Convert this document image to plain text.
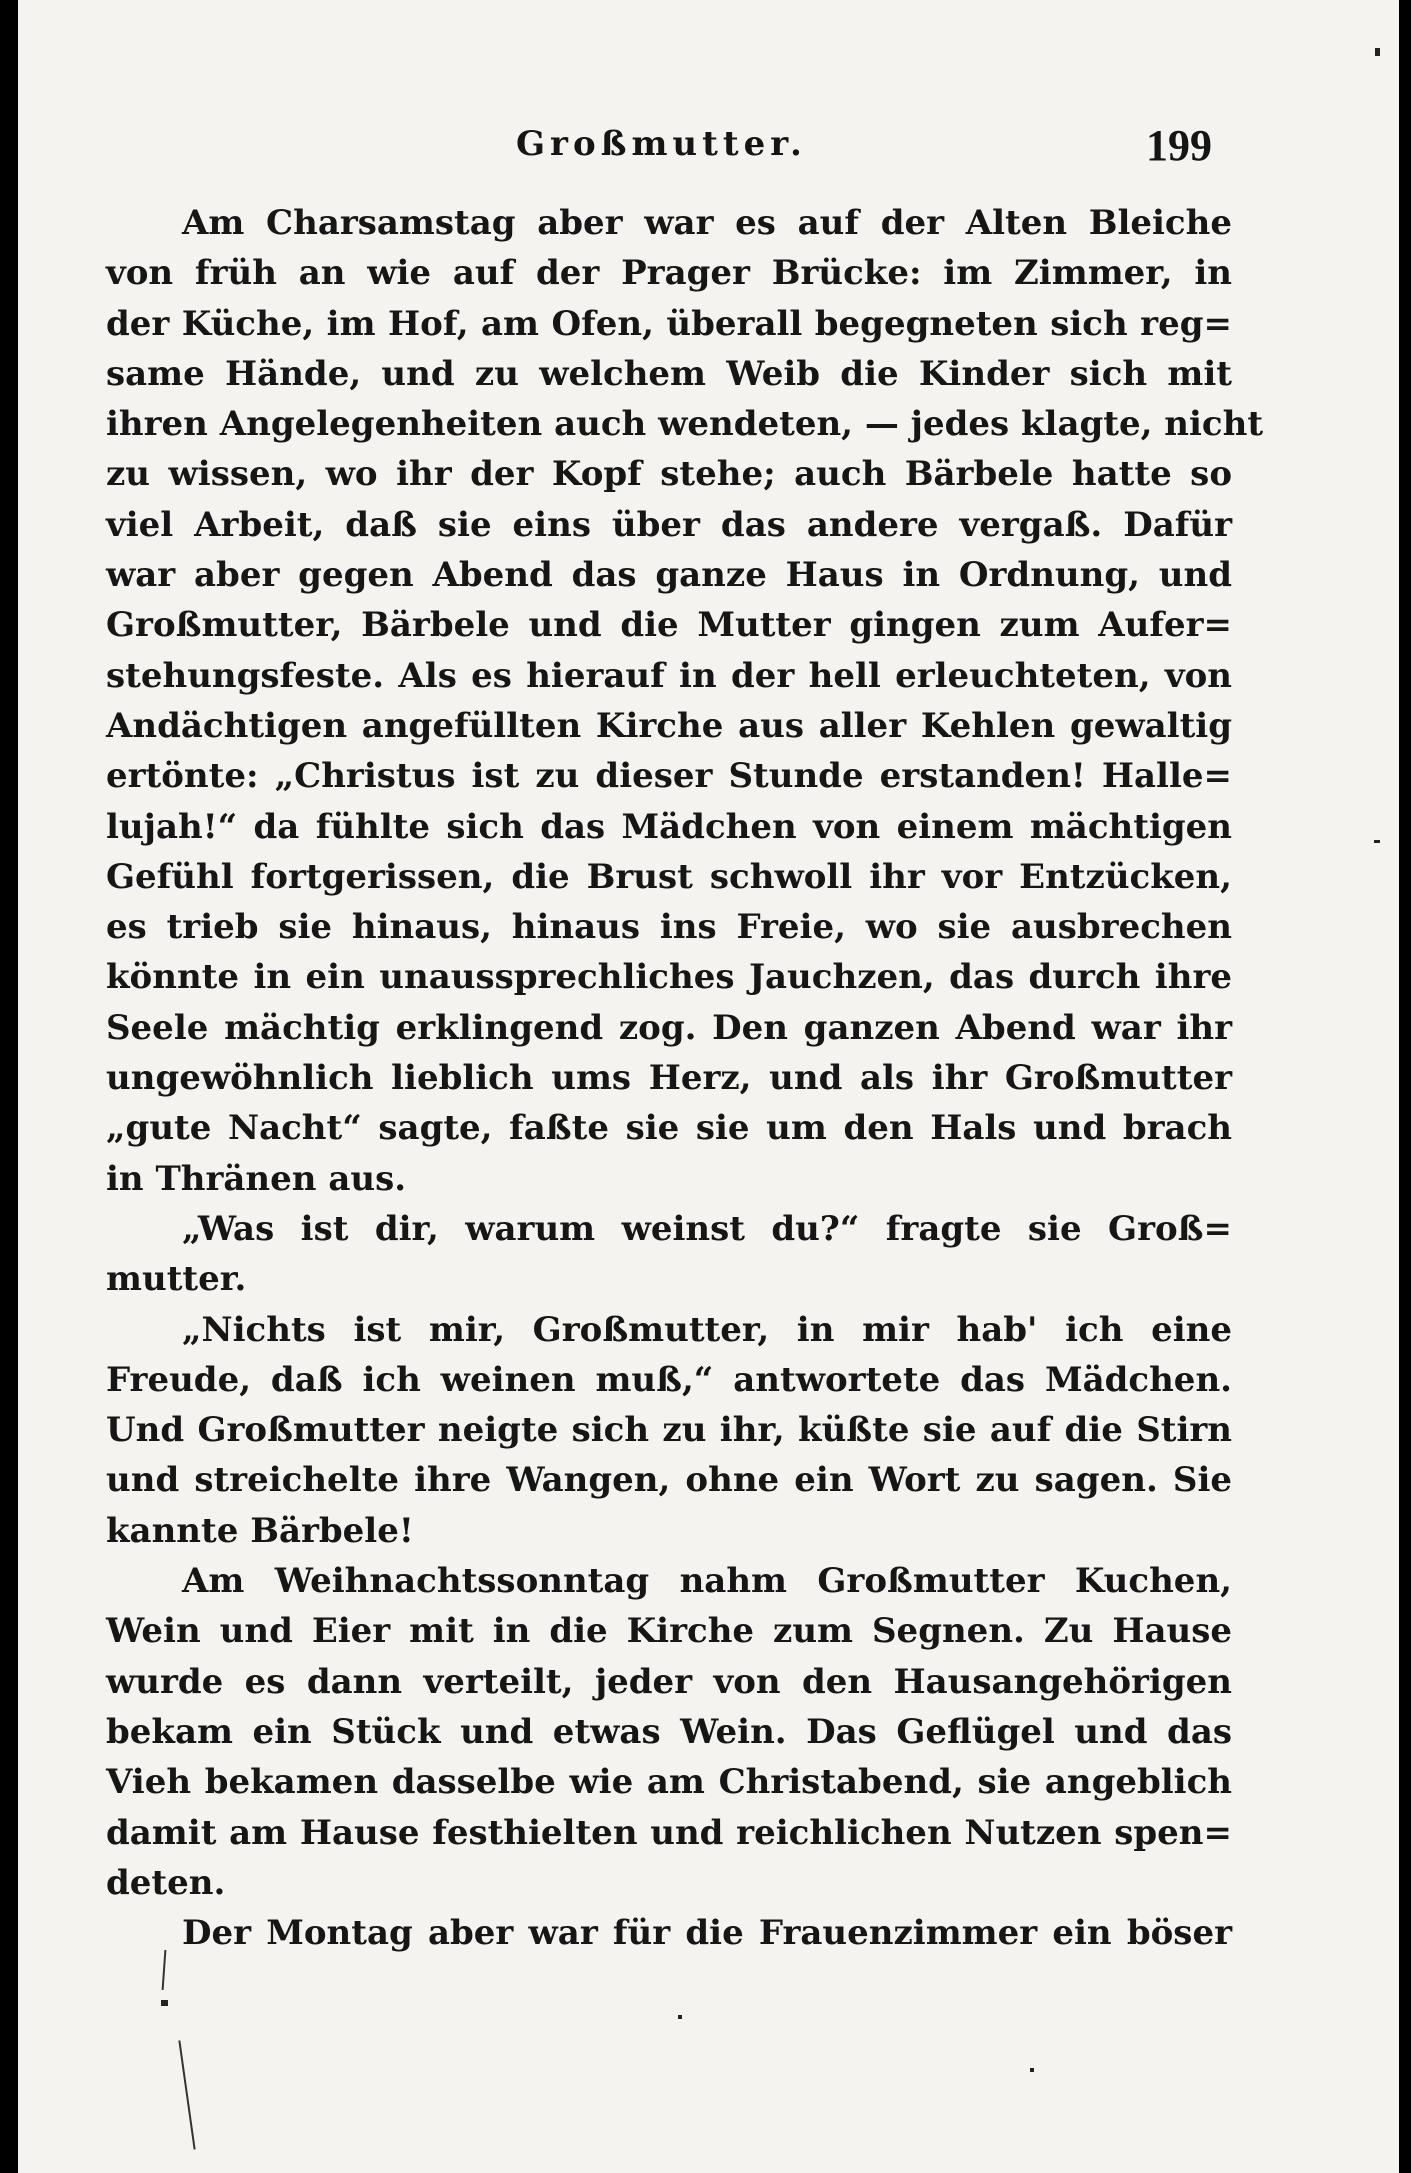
Großmutter.	199
Am Charsamstag aber war es auf der Alten Bleiche
von früh an wie auf der Prager Brücke: im Zimmer, in
der Küche, im Hof, am Ofen, überall begegneten sich reg=
same Hände, und zu welchem Weib die Kinder sich mit
ihren Angelegenheiten auch wendeten, — jedes klagte, nicht
zu wissen, wo ihr der Kopf stehe; auch Bärbele hatte so
viel Arbeit, daß sie eins über das andere vergaß. Dafür
war aber gegen Abend das ganze Haus in Ordnung, und
Großmutter, Bärbele und die Mutter gingen zum Aufer=
stehungsfeste. Als es hierauf in der hell erleuchteten, von
Andächtigen angefüllten Kirche aus aller Kehlen gewaltig
ertönte: „Christus ist zu dieser Stunde erstanden! Halle=
lujah!“ da fühlte sich das Mädchen von einem mächtigen
Gefühl fortgerissen, die Brust schwoll ihr vor Entzücken,
es trieb sie hinaus, hinaus ins Freie, wo sie ausbrechen
könnte in ein unaussprechliches Jauchzen, das durch ihre
Seele mächtig erklingend zog. Den ganzen Abend war ihr
ungewöhnlich lieblich ums Herz, und als ihr Großmutter
„gute Nacht“ sagte, faßte sie sie um den Hals und brach
in Thränen aus.
„Was ist dir, warum weinst du?“ fragte sie Groß=
mutter.
„Nichts ist mir, Großmutter, in mir hab' ich eine
Freude, daß ich weinen muß,“ antwortete das Mädchen.
Und Großmutter neigte sich zu ihr, küßte sie auf die Stirn
und streichelte ihre Wangen, ohne ein Wort zu sagen. Sie
kannte Bärbele!
Am Weihnachtssonntag nahm Großmutter Kuchen,
Wein und Eier mit in die Kirche zum Segnen. Zu Hause
wurde es dann verteilt, jeder von den Hausangehörigen
bekam ein Stück und etwas Wein. Das Geflügel und das
Vieh bekamen dasselbe wie am Christabend, sie angeblich
damit am Hause festhielten und reichlichen Nutzen spen=
deten.
Der Montag aber war für die Frauenzimmer ein böser
